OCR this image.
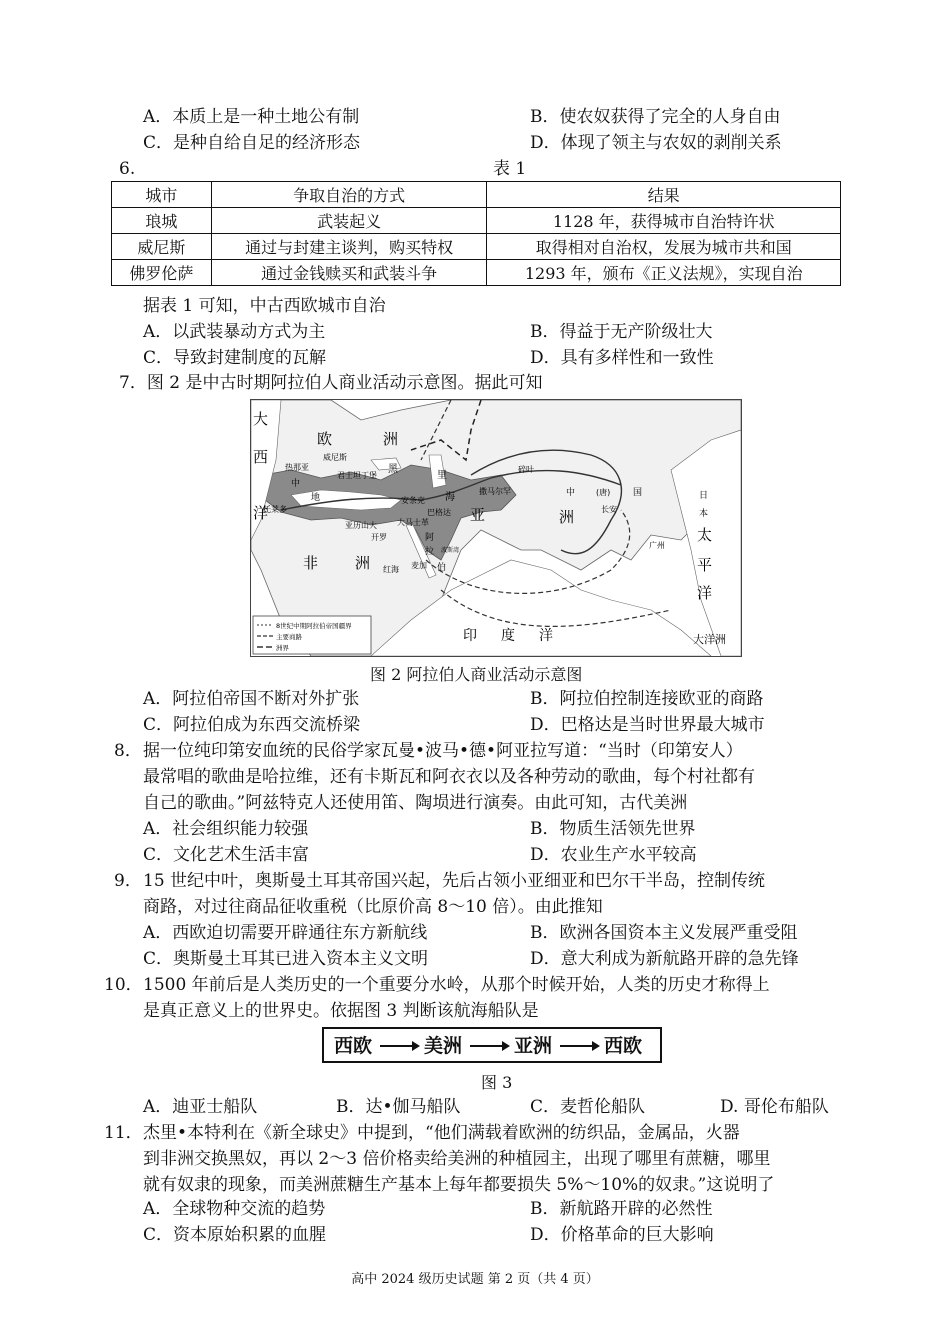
A．本质上是一种土地公有制	B．使农奴获得了完全的人身自由
C．是种自给自足的经济形态	D．体现了领主与农奴的剥削关系
6.	表 1
城市	争取自治的方式	结果
琅城	武装起义	1128 年，获得城市自治特许状
威尼斯	通过与封建主谈判，购买特权	取得相对自治权，发展为城市共和国
佛罗伦萨	通过金钱赎买和武装斗争	1293 年，颁布《正义法规》，实现自治
据表 1 可知，中古西欧城市自治
A．以武装暴动方式为主	B．得益于无产阶级壮大
C．导致封建制度的瓦解	D．具有多样性和一致性
7．图 2 是中古时期阿拉伯人商业活动示意图。据此可知
8世纪中期阿拉伯帝国疆界
主要商路
洲界
大
西
洋
欧	洲
非 洲
亚	洲
太
平
洋
印 度 洋	大洋洲
威尼斯
热那亚
君士坦丁堡
黑
里
海
碎叶
中	(唐)	国
长安
广州
巴格达
撒马尔罕
大马士革
安条克
亚历山大
开罗
地
中
红海
阿
拉
伯
麦加
波斯湾
日
本
托莱多
图 2 阿拉伯人商业活动示意图
A．阿拉伯帝国不断对外扩张	B．阿拉伯控制连接欧亚的商路
C．阿拉伯成为东西交流桥梁	D．巴格达是当时世界最大城市
8． 据一位纯印第安血统的民俗学家瓦曼•波马•德•阿亚拉写道：“当时（印第安人）
最常唱的歌曲是哈拉维，还有卡斯瓦和阿衣衣以及各种劳动的歌曲，每个村社都有
自己的歌曲。”阿兹特克人还使用笛、陶埙进行演奏。由此可知，古代美洲
A．社会组织能力较强	B．物质生活领先世界
C．文化艺术生活丰富	D．农业生产水平较高
9． 15 世纪中叶，奥斯曼土耳其帝国兴起，先后占领小亚细亚和巴尔干半岛，控制传统
商路，对过往商品征收重税（比原价高 8～10 倍）。由此推知
A．西欧迫切需要开辟通往东方新航线	B．欧洲各国资本主义发展严重受阻
C．奥斯曼土耳其已进入资本主义文明	D．意大利成为新航路开辟的急先锋
10． 1500 年前后是人类历史的一个重要分水岭，从那个时候开始，人类的历史才称得上
是真正意义上的世界史。依据图 3 判断该航海船队是
西欧	美洲	亚洲	西欧
图 3
A．迪亚士船队	B．达•伽马船队	C．麦哲伦船队	D. 哥伦布船队
11． 杰里•本特利在《新全球史》中提到，“他们满载着欧洲的纺织品，金属品，火器
到非洲交换黑奴，再以 2～3 倍价格卖给美洲的种植园主，出现了哪里有蔗糖，哪里
就有奴隶的现象，而美洲蔗糖生产基本上每年都要损失 5%～10%的奴隶。”这说明了
A．全球物种交流的趋势	B．新航路开辟的必然性
C．资本原始积累的血腥	D．价格革命的巨大影响
高中 2024 级历史试题 第 2 页（共 4 页）
